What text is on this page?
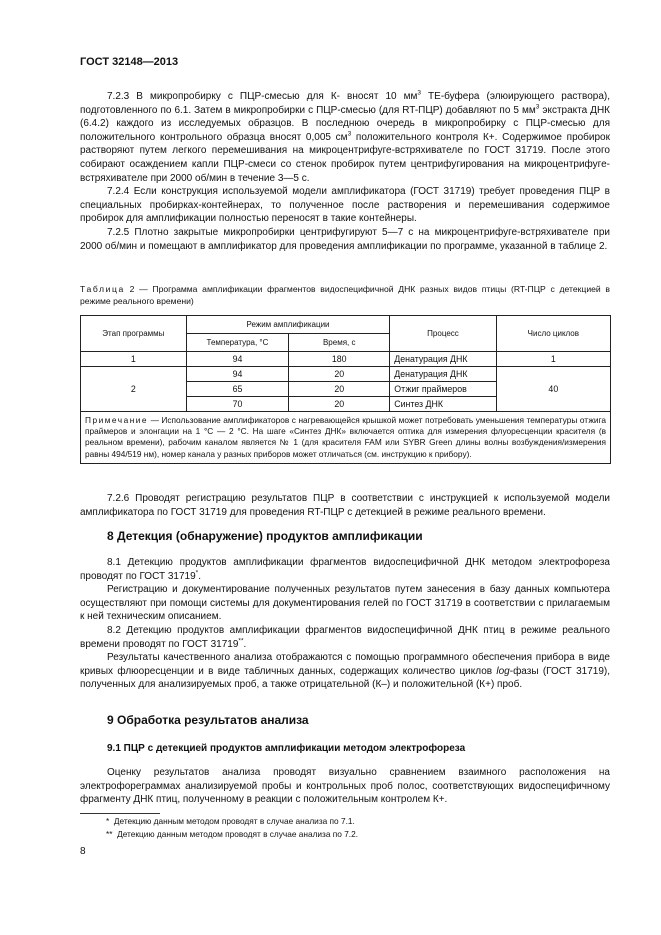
ГОСТ 32148—2013

7.2.3 В микропробирку с ПЦР-смесью для К- вносят 10 $мм^3$ ТЕ-буфера (элюирующего раствора), подготовленного по 6.1. Затем в микропробирки с ПЦР-смесью (для RT-ПЦР) добавляют по 5 $мм^3$ экстракта ДНК (6.4.2) каждого из исследуемых образцов. В последнюю очередь в микропробирку с ПЦР-смесью для положительного контрольного образца вносят 0,005 $см^3$ положительного контроля К+. Содержимое пробирок растворяют путем легкого перемешивания на микроцентрифуге-встряхивателе по ГОСТ 31719. После этого собирают осаждением капли ПЦР-смеси со стенок пробирок путем центрифугирования на микроцентрифуге-встряхивателе при 2000 об/мин в течение 3—5 с.

7.2.4 Если конструкция используемой модели амплификатора (ГОСТ 31719) требует проведения ПЦР в специальных пробирках-контейнерах, то полученное после растворения и перемешивания содержимое пробирок для амплификации полностью переносят в такие контейнеры.

7.2.5 Плотно закрытые микропробирки центрифугируют 5—7 с на микроцентрифуге-встряхивателе при 2000 об/мин и помещают в амплификатор для проведения амплификации по программе, указанной в таблице 2.

Таблица 2 — Программа амплификации фрагментов видоспецифичной ДНК разных видов птицы (RT-ПЦР с детекцией в режиме реального времени)
Этап программы	Режим амплификации		Процесс	Число циклов
	Температура, °С	Время, с		
1	94	180	Денатурация ДНК	1
2	94	20	Денатурация ДНК	40
	65	20	Отжиг праймеров	
	70	20	Синтез ДНК	
Примечание — Использование амплификаторов с нагревающейся крышкой может потребовать уменьшения температуры отжига праймеров и элонгации на 1 °С — 2 °С. На шаге «Синтез ДНК» включается оптика для измерения флуоресценции красителя (в реальном времени), рабочим каналом является № 1 (для красителя FAM или SYBR Green длины волны возбуждения/измерения равны 494/519 нм), номер канала у разных приборов может отличаться (см. инструкцию к прибору).				

7.2.6 Проводят регистрацию результатов ПЦР в соответствии с инструкцией к используемой модели амплификатора по ГОСТ 31719 для проведения RT-ПЦР с детекцией в режиме реального времени.

8 Детекция (обнаружение) продуктов амплификации

8.1 Детекцию продуктов амплификации фрагментов видоспецифичной ДНК методом электрофореза проводят по ГОСТ 31719*.

Регистрацию и документирование полученных результатов путем занесения в базу данных компьютера осуществляют при помощи системы для документирования гелей по ГОСТ 31719 в соответствии с прилагаемым к ней техническим описанием.

8.2 Детекцию продуктов амплификации фрагментов видоспецифичной ДНК птиц в режиме реального времени проводят по ГОСТ 31719**.

Результаты качественного анализа отображаются с помощью программного обеспечения прибора в виде кривых флюоресценции и в виде табличных данных, содержащих количество циклов log-фазы (ГОСТ 31719), полученных для анализируемых проб, а также отрицательной (К–) и положительной (К+) проб.

9 Обработка результатов анализа
9.1 ПЦР с детекцией продуктов амплификации методом электрофореза

Оценку результатов анализа проводят визуально сравнением взаимного расположения на электрофореграммах анализируемой пробы и контрольных проб полос, соответствующих видоспецифичному фрагменту ДНК птиц, полученному в реакции с положительным контролем К+.

* Детекцию данным методом проводят в случае анализа по 7.1.
** Детекцию данным методом проводят в случае анализа по 7.2.
8
